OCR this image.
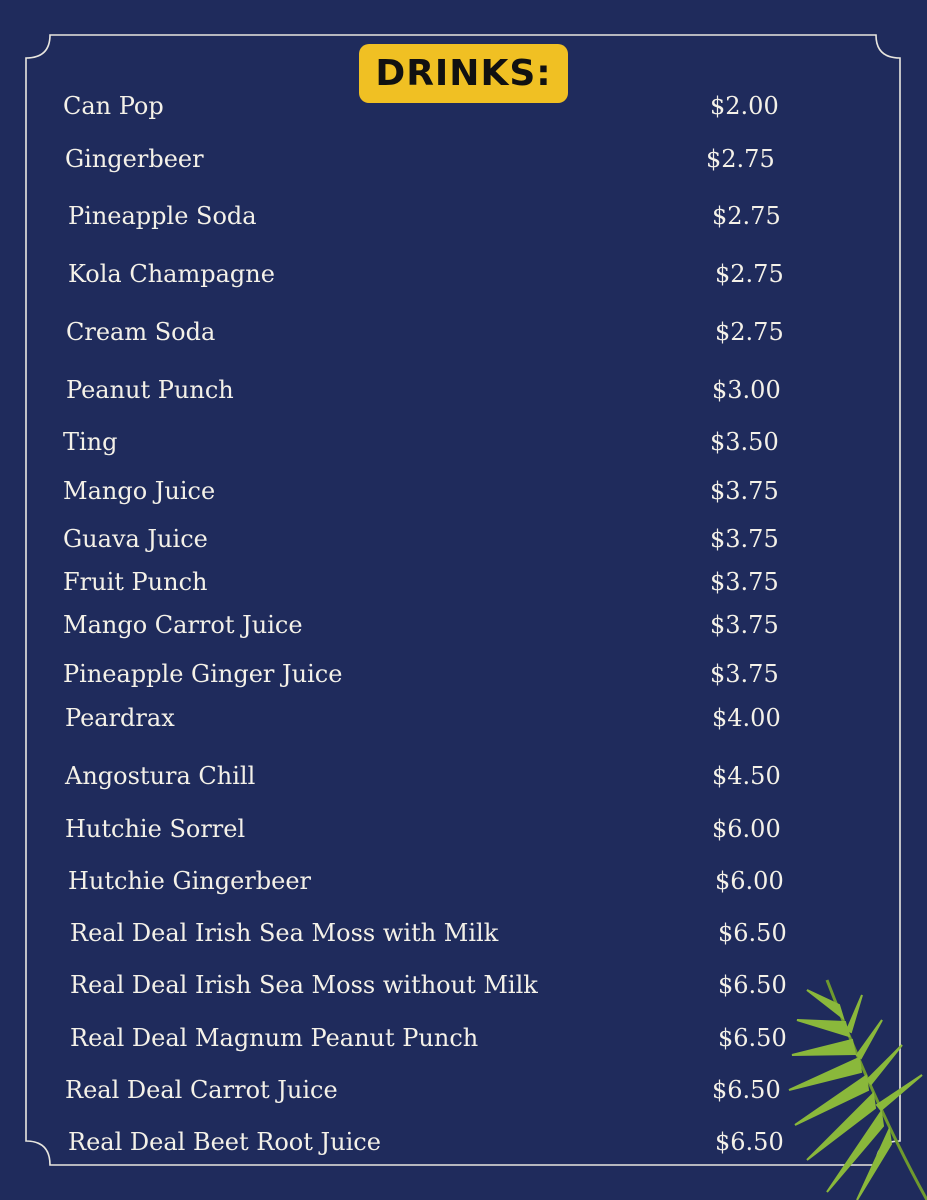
DRINKS:
Can Pop	$2.00
Gingerbeer	$2.75
Pineapple Soda	$2.75
Kola Champagne	$2.75
Cream Soda	$2.75
Peanut Punch	$3.00
Ting	$3.50
Mango Juice	$3.75
Guava Juice	$3.75
Fruit Punch	$3.75
Mango Carrot Juice	$3.75
Pineapple Ginger Juice	$3.75
Peardrax	$4.00
Angostura Chill	$4.50
Hutchie Sorrel	$6.00
Hutchie Gingerbeer	$6.00
Real Deal Irish Sea Moss with Milk	$6.50
Real Deal Irish Sea Moss without Milk	$6.50
Real Deal Magnum Peanut Punch	$6.50
Real Deal Carrot Juice	$6.50
Real Deal Beet Root Juice	$6.50
